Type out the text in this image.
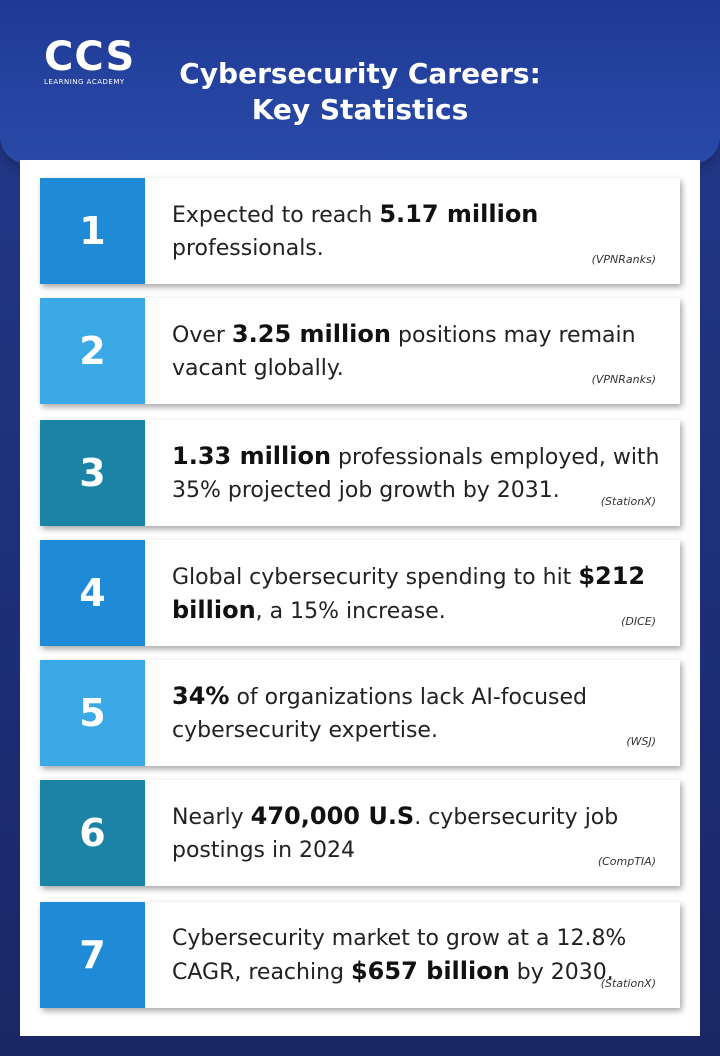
CCS
LEARNING ACADEMY	Cybersecurity Careers:
Key Statistics
1	Expected to reach 5.17 million professionals.	(VPNRanks)
2	Over 3.25 million positions may remain vacant globally.	(VPNRanks)
3	1.33 million professionals employed, with 35% projected job growth by 2031.	(StationX)
4	Global cybersecurity spending to hit $212 billion, a 15% increase.	(DICE)
5	34% of organizations lack AI-focused cybersecurity expertise.	(WSJ)
6	Nearly 470,000 U.S. cybersecurity job postings in 2024	(CompTIA)
7	Cybersecurity market to grow at a 12.8% CAGR, reaching $657 billion by 2030.
(StationX)
